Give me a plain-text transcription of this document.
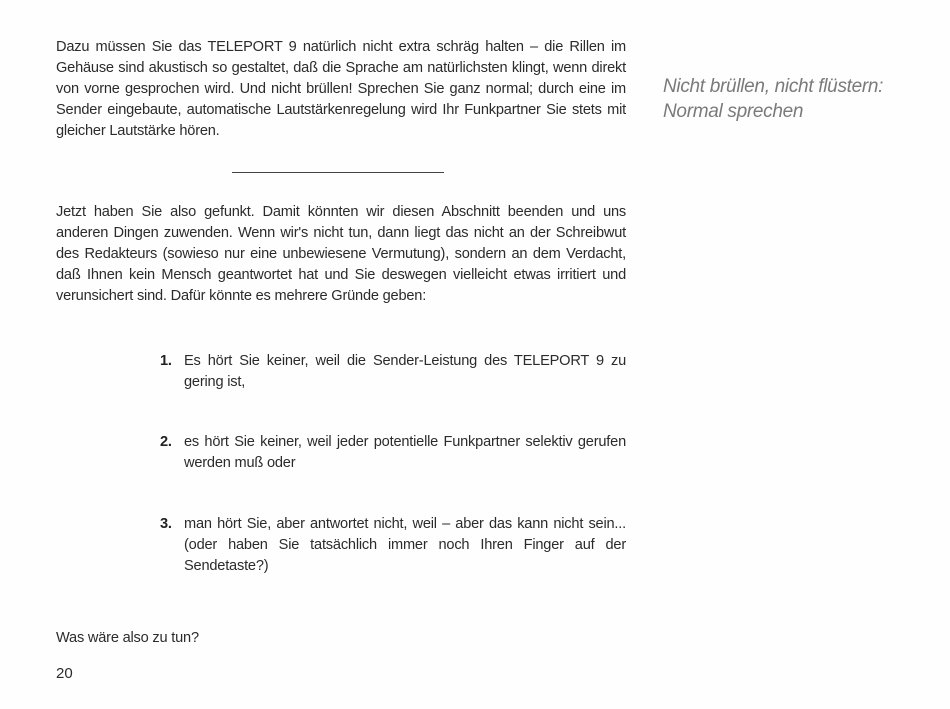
Dazu müssen Sie das TELEPORT 9 natürlich nicht extra schräg halten – die Rillen im Gehäuse sind akustisch so gestaltet, daß die Sprache am natürlichsten klingt, wenn direkt von vorne gesprochen wird. Und nicht brüllen! Sprechen Sie ganz normal; durch eine im Sender eingebaute, automatische Lautstärkenregelung wird Ihr Funkpartner Sie stets mit gleicher Lautstärke hören.

Nicht brüllen, nicht flüstern:
Normal sprechen

Jetzt haben Sie also gefunkt. Damit könnten wir diesen Abschnitt beenden und uns anderen Dingen zuwenden. Wenn wir's nicht tun, dann liegt das nicht an der Schreibwut des Redakteurs (sowieso nur eine unbewiesene Vermutung), sondern an dem Verdacht, daß Ihnen kein Mensch geantwortet hat und Sie deswegen vielleicht etwas irritiert und verunsichert sind. Dafür könnte es mehrere Gründe geben:

1. Es hört Sie keiner, weil die Sender-Leistung des TELEPORT 9 zu gering ist,
2. es hört Sie keiner, weil jeder potentielle Funkpartner selektiv gerufen werden muß oder
3. man hört Sie, aber antwortet nicht, weil – aber das kann nicht sein... (oder haben Sie tatsächlich immer noch Ihren Finger auf der Sendetaste?)

Was wäre also zu tun?

20
